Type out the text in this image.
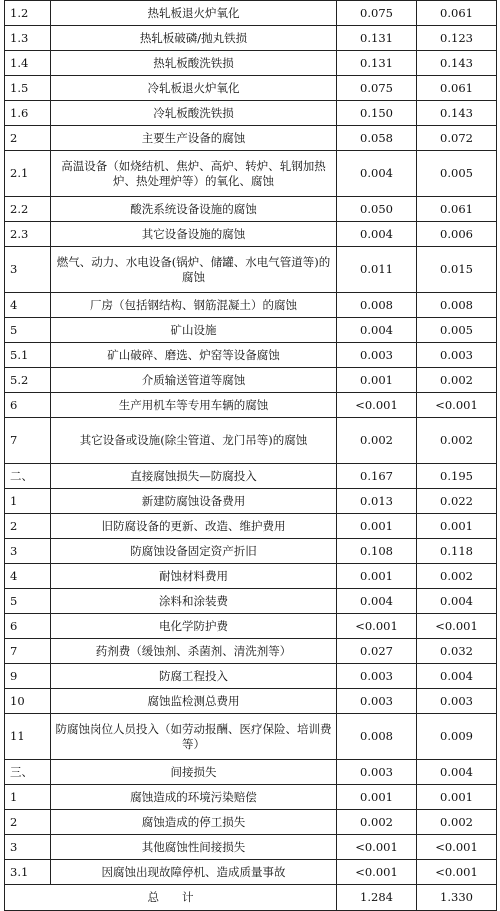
1.2	热轧板退火炉氧化	0.075	0.061
1.3	热轧板破磷/抛丸铁损	0.131	0.123
1.4	热轧板酸洗铁损	0.131	0.143
1.5	冷轧板退火炉氧化	0.075	0.061
1.6	冷轧板酸洗铁损	0.150	0.143
2	主要生产设备的腐蚀	0.058	0.072
2.1	高温设备（如烧结机、焦炉、高炉、转炉、轧钢加热炉、热处理炉等）的氧化、腐蚀	0.004	0.005
2.2	酸洗系统设备设施的腐蚀	0.050	0.061
2.3	其它设备设施的腐蚀	0.004	0.006
3	燃气、动力、水电设备(锅炉、储罐、水电气管道等)的腐蚀	0.011	0.015
4	厂房（包括钢结构、钢筋混凝土）的腐蚀	0.008	0.008
5	矿山设施	0.004	0.005
5.1	矿山破碎、磨选、炉窑等设备腐蚀	0.003	0.003
5.2	介质输送管道等腐蚀	0.001	0.002
6	生产用机车等专用车辆的腐蚀	<0.001	<0.001
7	其它设备或设施(除尘管道、龙门吊等)的腐蚀	0.002	0.002
二、	直接腐蚀损失—防腐投入	0.167	0.195
1	新建防腐蚀设备费用	0.013	0.022
2	旧防腐设备的更新、改造、维护费用	0.001	0.001
3	防腐蚀设备固定资产折旧	0.108	0.118
4	耐蚀材料费用	0.001	0.002
5	涂料和涂装费	0.004	0.004
6	电化学防护费	<0.001	<0.001
7	药剂费（缓蚀剂、杀菌剂、清洗剂等）	0.027	0.032
9	防腐工程投入	0.003	0.004
10	腐蚀监检测总费用	0.003	0.003
11	防腐蚀岗位人员投入（如劳动报酬、医疗保险、培训费等）	0.008	0.009
三、	间接损失	0.003	0.004
1	腐蚀造成的环境污染赔偿	0.001	0.001
2	腐蚀造成的停工损失	0.002	0.002
3	其他腐蚀性间接损失	<0.001	<0.001
3.1	因腐蚀出现故障停机、造成质量事故	<0.001	<0.001
总　　计		1.284	1.330
